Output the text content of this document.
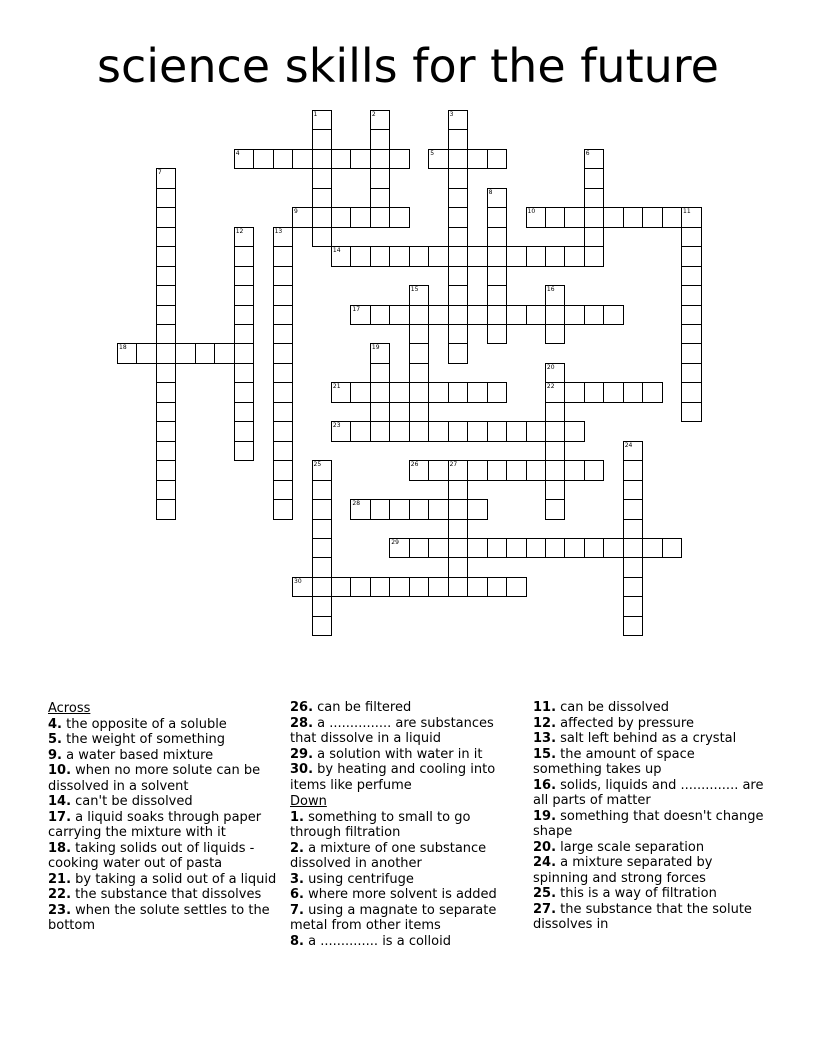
science skills for the future
1	2	3
4	5	6
7
8
9	10	11
12	13
14
15	16
17
18	19
20
22
21
23
24
25	26	27
28
29
30
Across
4. the opposite of a soluble
5. the weight of something
9. a water based mixture
10. when no more solute can be dissolved in a solvent
14. can't be dissolved
17. a liquid soaks through paper carrying the mixture with it
18. taking solids out of liquids - cooking water out of pasta
21. by taking a solid out of a liquid
22. the substance that dissolves
23. when the solute settles to the bottom
26. can be filtered
28. a ............... are substances that dissolve in a liquid
29. a solution with water in it
30. by heating and cooling into items like perfume
Down
1. something to small to go through filtration
2. a mixture of one substance dissolved in another
3. using centrifuge
6. where more solvent is added
7. using a magnate to separate metal from other items
8. a .............. is a colloid
11. can be dissolved
12. affected by pressure
13. salt left behind as a crystal
15. the amount of space something takes up
16. solids, liquids and .............. are all parts of matter
19. something that doesn't change shape
20. large scale separation
24. a mixture separated by spinning and strong forces
25. this is a way of filtration
27. the substance that the solute dissolves in
